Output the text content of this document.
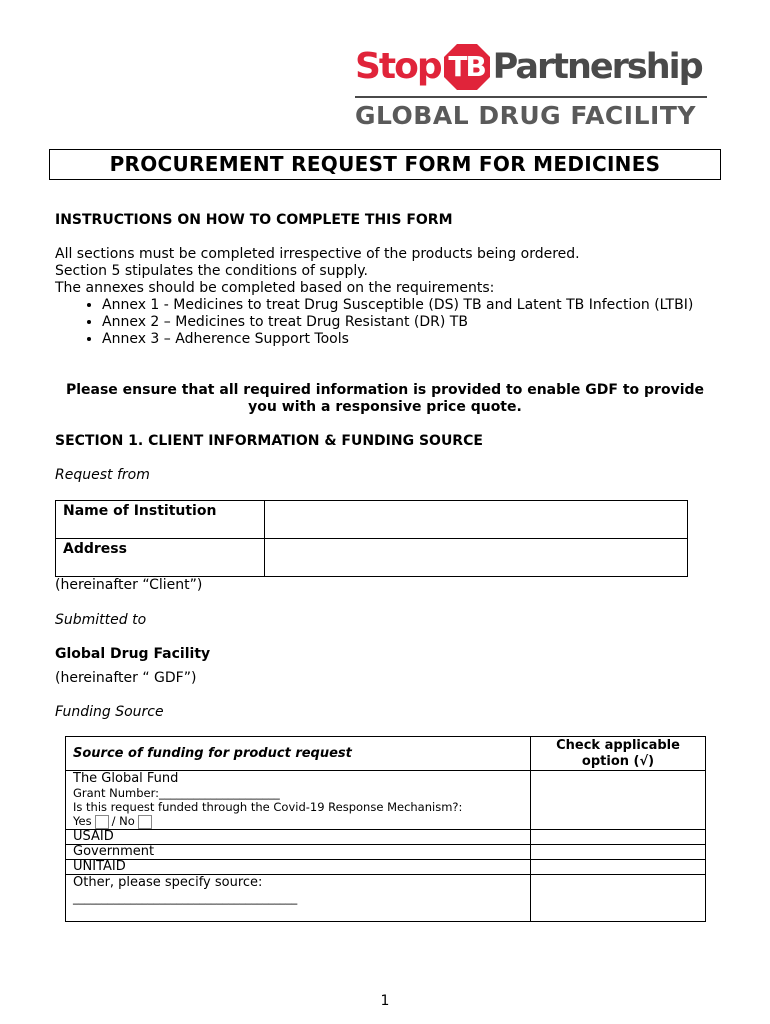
Stop TB Partnership
GLOBAL DRUG FACILITY
PROCUREMENT REQUEST FORM FOR MEDICINES
INSTRUCTIONS ON HOW TO COMPLETE THIS FORM
All sections must be completed irrespective of the products being ordered.
Section 5 stipulates the conditions of supply.
The annexes should be completed based on the requirements:
• Annex 1 - Medicines to treat Drug Susceptible (DS) TB and Latent TB Infection (LTBI)
• Annex 2 – Medicines to treat Drug Resistant (DR) TB
• Annex 3 – Adherence Support Tools
Please ensure that all required information is provided to enable GDF to provide you with a responsive price quote.
SECTION 1. CLIENT INFORMATION & FUNDING SOURCE
Request from
Name of Institution	
Address	
(hereinafter “Client”)
Submitted to
Global Drug Facility
(hereinafter “ GDF”)
Funding Source
Source of funding for product request	Check applicable option (√)

The Global Fund
Grant Number:_____________________
Is this request funded through the Covid-19 Response Mechanism?:
Yes / No	

USAID	
Government	
UNITAID	

Other, please specify source:
_______________________________________	

1
